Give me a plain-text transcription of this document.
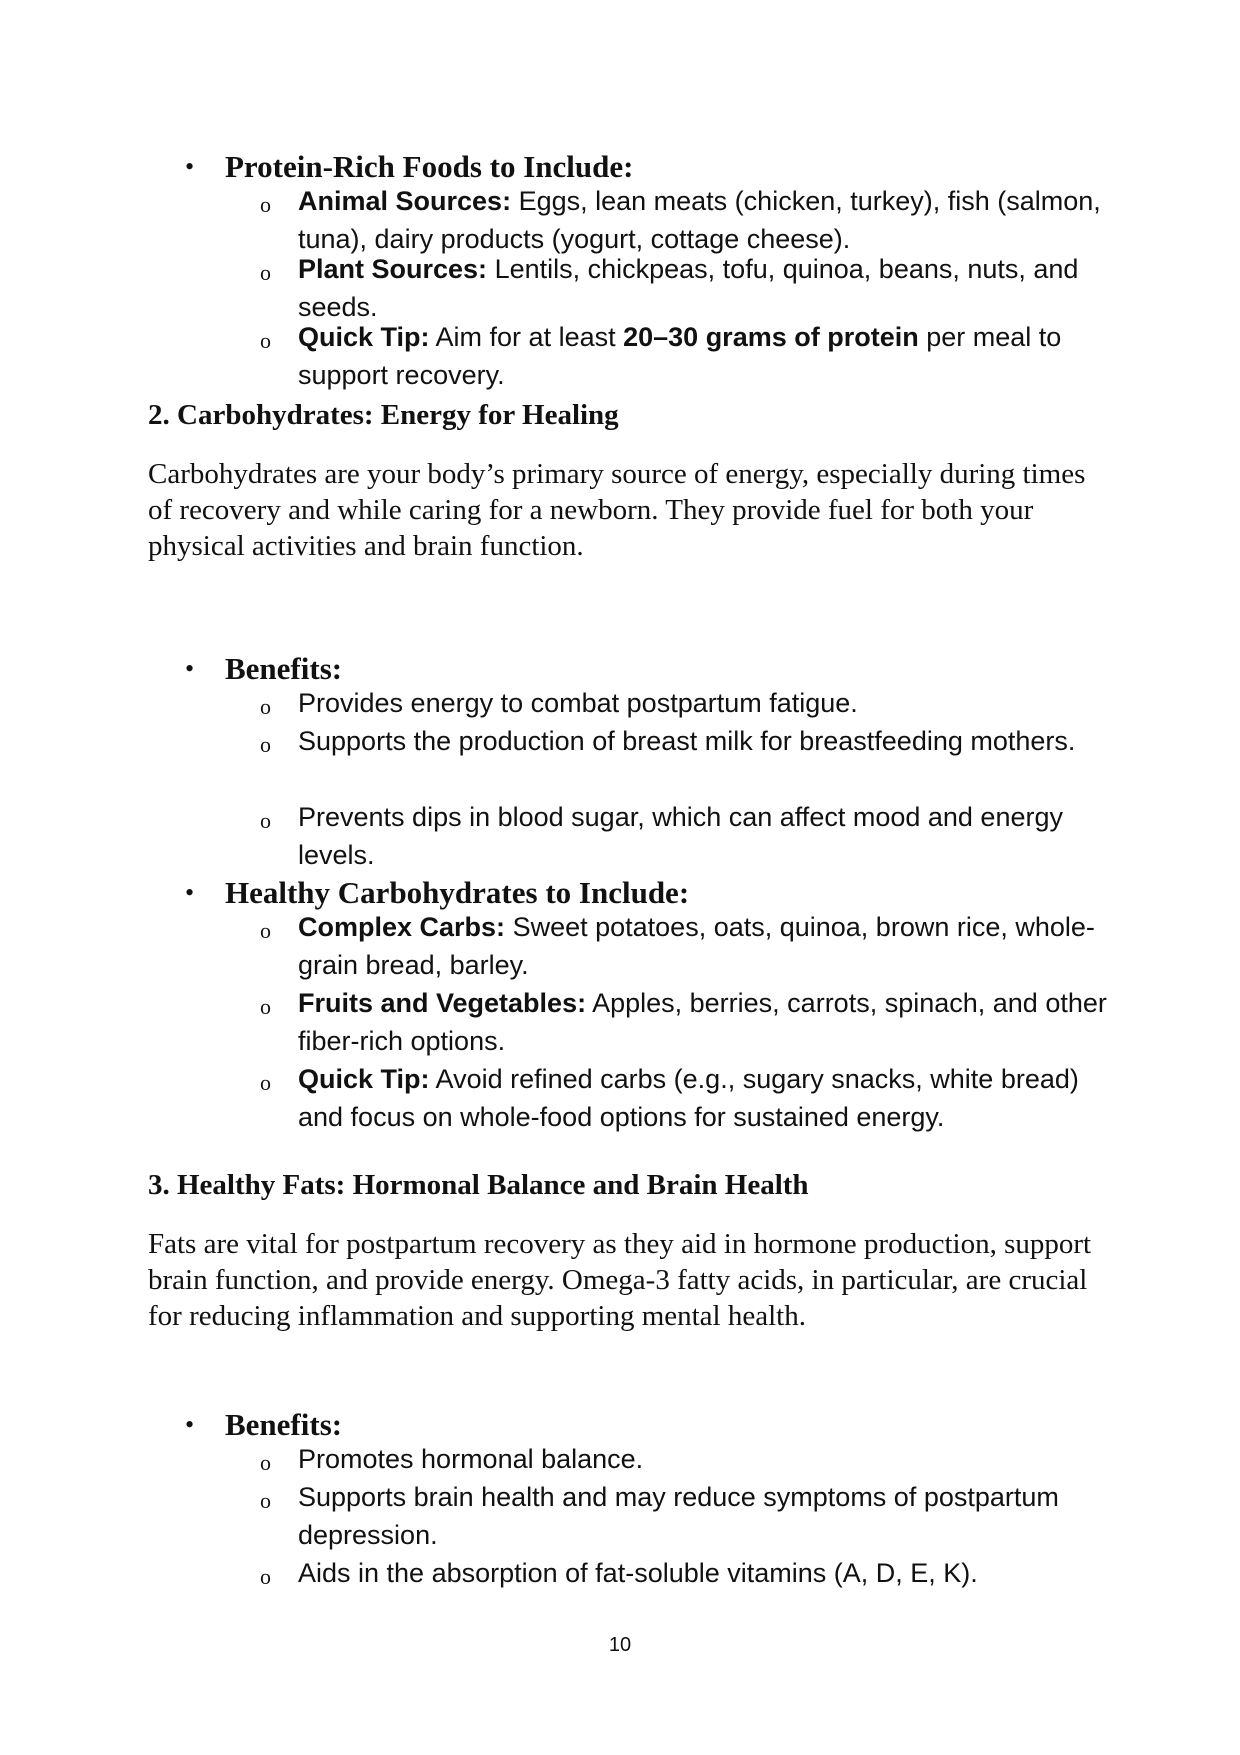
• Protein-Rich Foods to Include:
o Animal Sources: Eggs, lean meats (chicken, turkey), fish (salmon, tuna), dairy products (yogurt, cottage cheese).
o Plant Sources: Lentils, chickpeas, tofu, quinoa, beans, nuts, and seeds.
o Quick Tip: Aim for at least 20–30 grams of protein per meal to support recovery.
2. Carbohydrates: Energy for Healing
Carbohydrates are your body’s primary source of energy, especially during times of recovery and while caring for a newborn. They provide fuel for both your physical activities and brain function.
• Benefits:
o Provides energy to combat postpartum fatigue.
o Supports the production of breast milk for breastfeeding mothers.
o Prevents dips in blood sugar, which can affect mood and energy levels.
• Healthy Carbohydrates to Include:
o Complex Carbs: Sweet potatoes, oats, quinoa, brown rice, whole-grain bread, barley.
o Fruits and Vegetables: Apples, berries, carrots, spinach, and other fiber-rich options.
o Quick Tip: Avoid refined carbs (e.g., sugary snacks, white bread) and focus on whole-food options for sustained energy.
3. Healthy Fats: Hormonal Balance and Brain Health
Fats are vital for postpartum recovery as they aid in hormone production, support brain function, and provide energy. Omega-3 fatty acids, in particular, are crucial for reducing inflammation and supporting mental health.
• Benefits:
o Promotes hormonal balance.
o Supports brain health and may reduce symptoms of postpartum depression.
o Aids in the absorption of fat-soluble vitamins (A, D, E, K).
10
